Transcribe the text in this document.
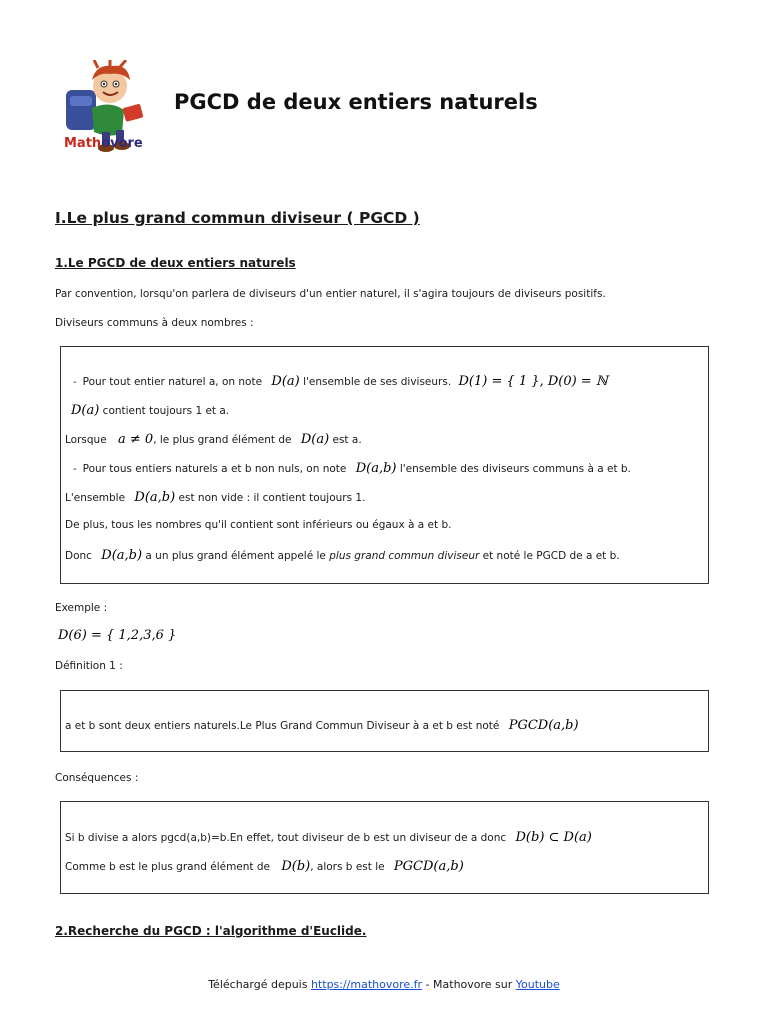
Mathovore
PGCD de deux entiers naturels
I.Le plus grand commun diviseur ( PGCD )
1.Le PGCD de deux entiers naturels
Par convention, lorsqu'on parlera de diviseurs d'un entier naturel, il s'agira toujours de diviseurs positifs.
Diviseurs communs à deux nombres :
- Pour tout entier naturel a, on note D(a) l'ensemble de ses diviseurs. D(1) = { 1 }, D(0) = ℕ
D(a) contient toujours 1 et a.
Lorsque a ≠ 0, le plus grand élément de D(a) est a.
- Pour tous entiers naturels a et b non nuls, on note D(a,b) l'ensemble des diviseurs communs à a et b.
L'ensemble D(a,b) est non vide : il contient toujours 1.
De plus, tous les nombres qu'il contient sont inférieurs ou égaux à a et b.
Donc D(a,b) a un plus grand élément appelé le plus grand commun diviseur et noté le PGCD de a et b.
Exemple :
D(6) = { 1,2,3,6 }
Définition 1 :
a et b sont deux entiers naturels.Le Plus Grand Commun Diviseur à a et b est noté PGCD(a,b)
Conséquences :
Si b divise a alors pgcd(a,b)=b.En effet, tout diviseur de b est un diviseur de a donc D(b) ⊂ D(a)
Comme b est le plus grand élément de D(b), alors b est le PGCD(a,b)
2.Recherche du PGCD : l'algorithme d'Euclide.
Téléchargé depuis https://mathovore.fr - Mathovore sur Youtube
